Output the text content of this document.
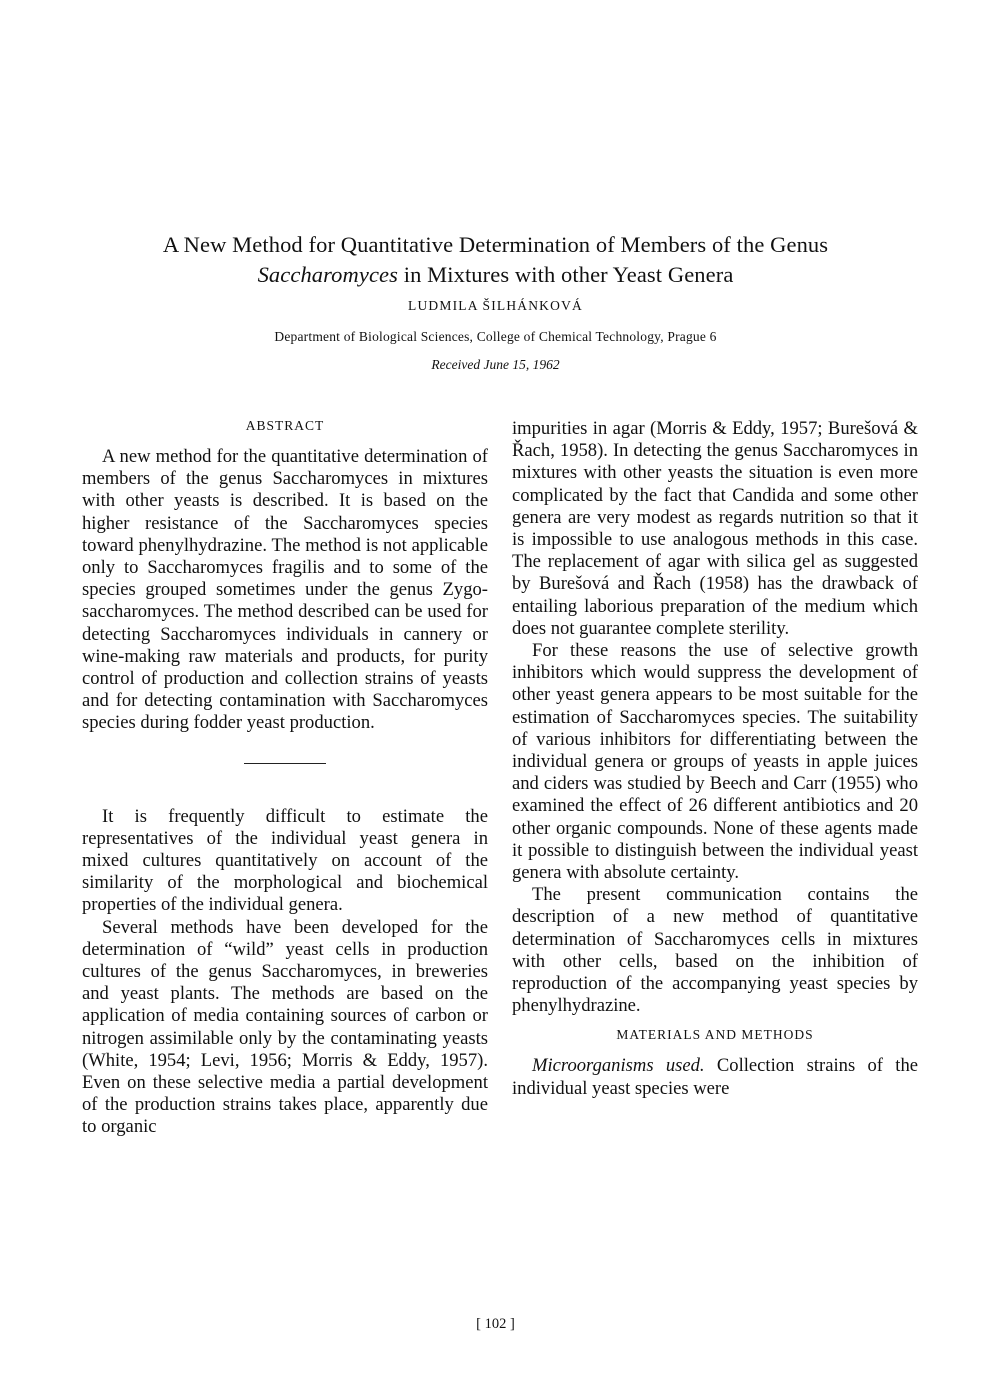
A New Method for Quantitative Determination of Members of the Genus
Saccharomyces in Mixtures with other Yeast Genera
LUDMILA ŠILHÁNKOVÁ
Department of Biological Sciences, College of Chemical Technology, Prague 6
Received June 15, 1962
ABSTRACT

A new method for the quantitative determination of members of the genus Saccharomyces in mixtures with other yeasts is described. It is based on the higher resistance of the Saccharomyces species toward phenylhydrazine. The method is not applicable only to Saccharomyces fragilis and to some of the species grouped sometimes under the genus Zygosaccharomyces. The method described can be used for detecting Saccharomyces individuals in cannery or wine-making raw materials and products, for purity control of production and collection strains of yeasts and for detecting contamination with Saccharomyces species during fodder yeast production.

It is frequently difficult to estimate the representatives of the individual yeast genera in mixed cultures quantitatively on account of the similarity of the morphological and biochemical properties of the individual genera.

Several methods have been developed for the determination of “wild” yeast cells in production cultures of the genus Saccharomyces, in breweries and yeast plants. The methods are based on the application of media containing sources of carbon or nitrogen assimilable only by the contaminating yeasts (White, 1954; Levi, 1956; Morris & Eddy, 1957). Even on these selective media a partial development of the production strains takes place, apparently due to organic

impurities in agar (Morris & Eddy, 1957; Burešová & Řach, 1958). In detecting the genus Saccharomyces in mixtures with other yeasts the situation is even more complicated by the fact that Candida and some other genera are very modest as regards nutrition so that it is impossible to use analogous methods in this case. The replacement of agar with silica gel as suggested by Burešová and Řach (1958) has the drawback of entailing laborious preparation of the medium which does not guarantee complete sterility.

For these reasons the use of selective growth inhibitors which would suppress the development of other yeast genera appears to be most suitable for the estimation of Saccharomyces species. The suitability of various inhibitors for differentiating between the individual genera or groups of yeasts in apple juices and ciders was studied by Beech and Carr (1955) who examined the effect of 26 different antibiotics and 20 other organic compounds. None of these agents made it possible to distinguish between the individual yeast genera with absolute certainty.

The present communication contains the description of a new method of quantitative determination of Saccharomyces cells in mixtures with other cells, based on the inhibition of reproduction of the accompanying yeast species by phenylhydrazine.

MATERIALS AND METHODS

Microorganisms used. Collection strains of the individual yeast species were

[ 102 ]
